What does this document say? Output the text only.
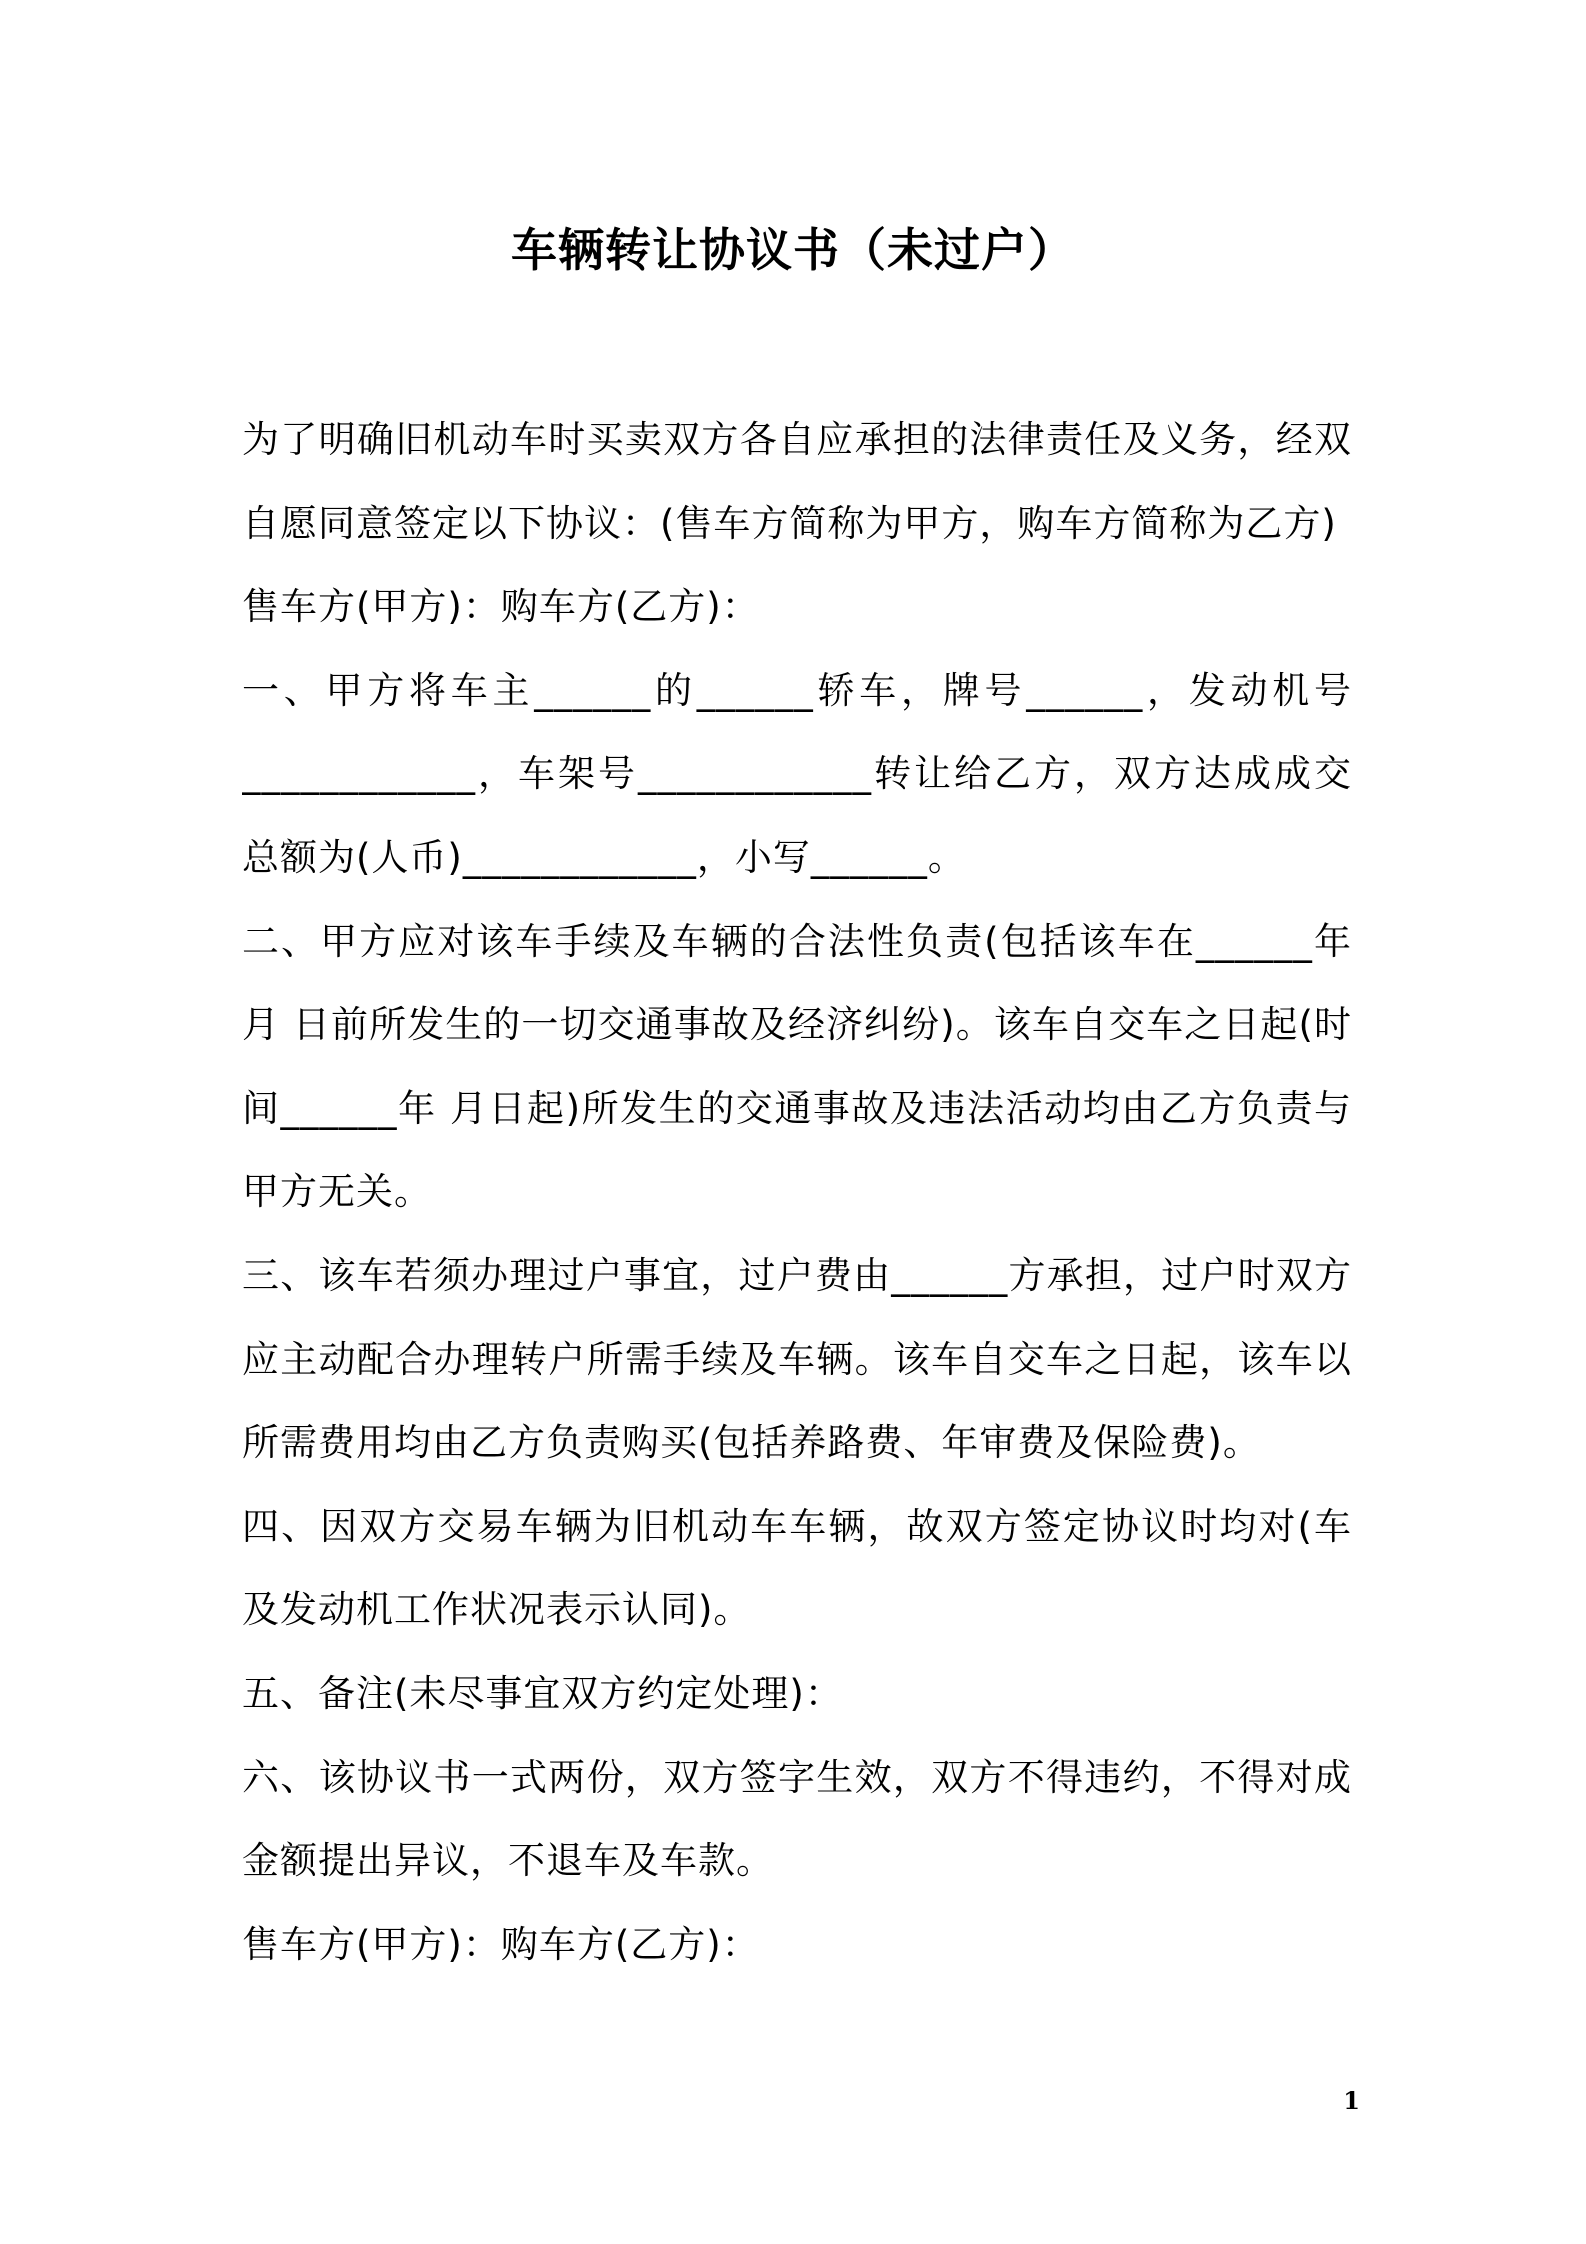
车辆转让协议书（未过户）
为了明确旧机动车时买卖双方各自应承担的法律责任及义务，经双
自愿同意签定以下协议：(售车方简称为甲方，购车方简称为乙方)
售车方(甲方)：购车方(乙方)：
一、甲方将车主______的______轿车，牌号______，发动机号
____________，车架号____________转让给乙方，双方达成成交
总额为(人币)____________，小写______。
二、甲方应对该车手续及车辆的合法性负责(包括该车在______年
月 日前所发生的一切交通事故及经济纠纷)。该车自交车之日起(时
间______年 月日起)所发生的交通事故及违法活动均由乙方负责与
甲方无关。
三、该车若须办理过户事宜，过户费由______方承担，过户时双方
应主动配合办理转户所需手续及车辆。该车自交车之日起，该车以
所需费用均由乙方负责购买(包括养路费、年审费及保险费)。
四、因双方交易车辆为旧机动车车辆，故双方签定协议时均对(车
及发动机工作状况表示认同)。
五、备注(未尽事宜双方约定处理)：
六、该协议书一式两份，双方签字生效，双方不得违约，不得对成
金额提出异议，不退车及车款。
售车方(甲方)：购车方(乙方)：
1
